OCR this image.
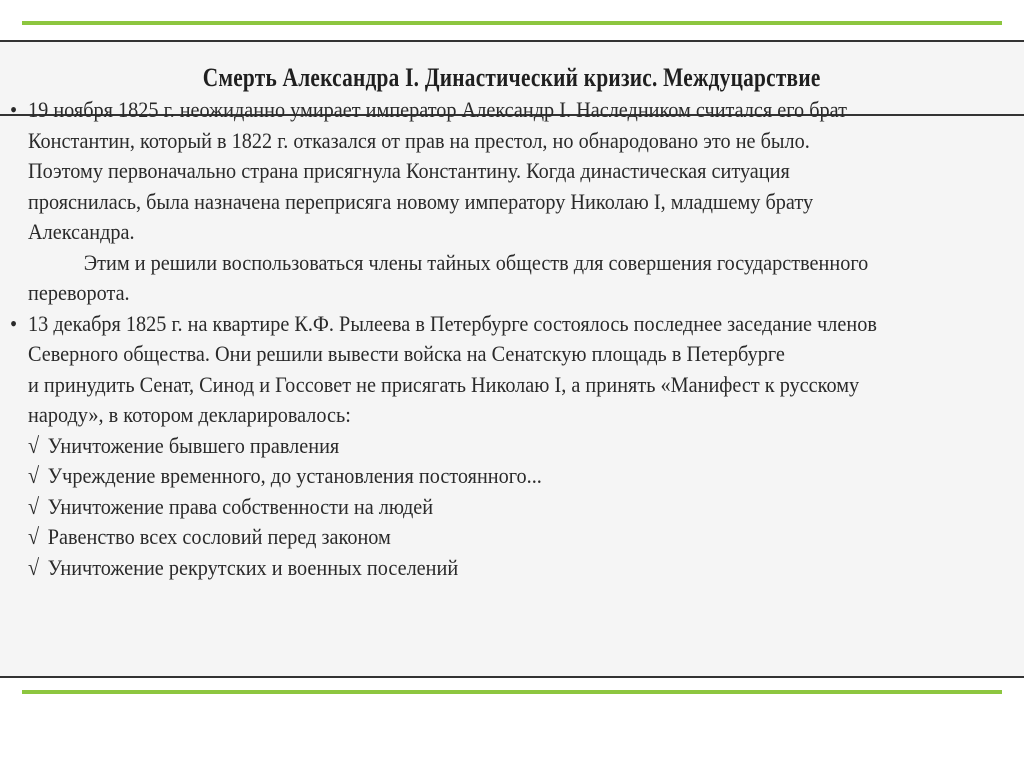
Смерть Александра I. Династический кризис. Междуцарствие
• 19 ноября 1825 г. неожиданно умирает император Александр I. Наследником считался его брат
Константин, который в 1822 г. отказался от прав на престол, но обнародовано это не было.
Поэтому первоначально страна присягнула Константину. Когда династическая ситуация
прояснилась, была назначена переприсяга новому императору Николаю I, младшему брату
Александра.
Этим и решили воспользоваться члены тайных обществ для совершения государственного
переворота.
• 13 декабря 1825 г. на квартире К.Ф. Рылеева в Петербурге состоялось последнее заседание членов
Северного общества. Они решили вывести войска на Сенатскую площадь в Петербурге
и принудить Сенат, Синод и Госсовет не присягать Николаю I, а принять «Манифест к русскому
народу», в котором декларировалось:
√ Уничтожение бывшего правления
√ Учреждение временного, до установления постоянного...
√ Уничтожение права собственности на людей
√ Равенство всех сословий перед законом
√ Уничтожение рекрутских и военных поселений
